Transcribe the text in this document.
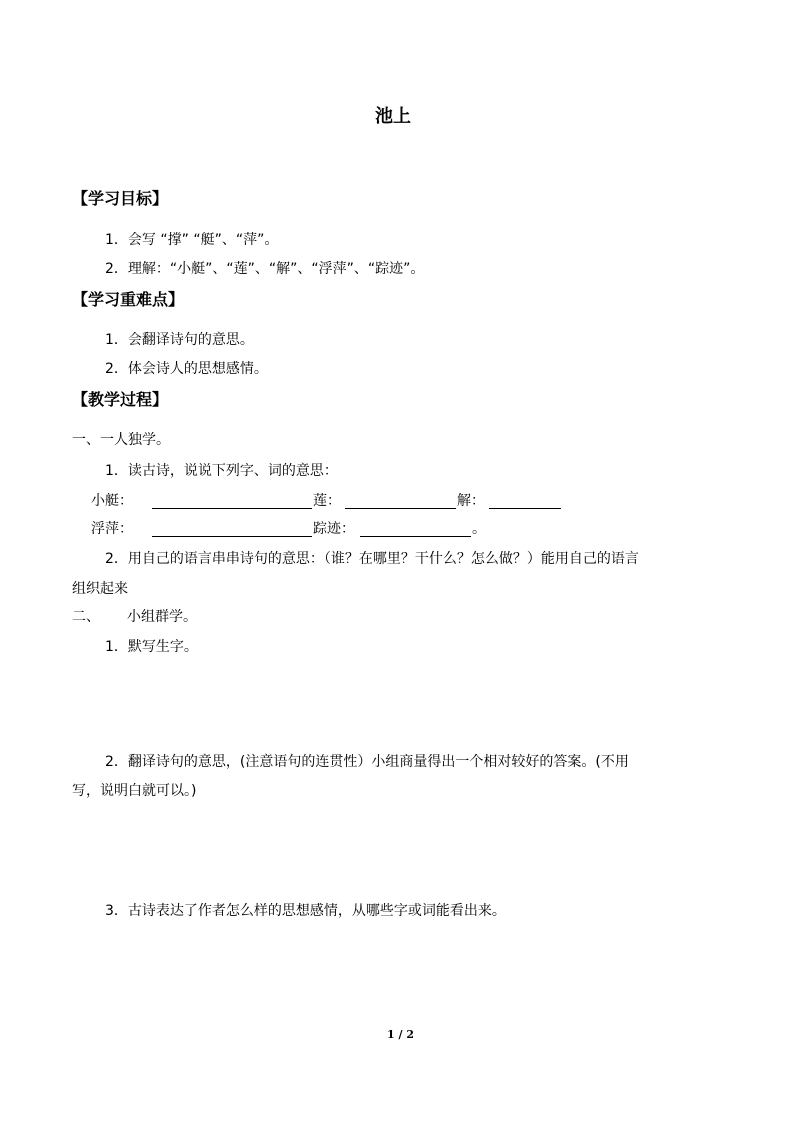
池上
【学习目标】
1．会写 “撑” “艇”、“萍”。
2．理解：“小艇”、“莲”、“解”、“浮萍”、“踪迹”。
【学习重难点】
1．会翻译诗句的意思。
2．体会诗人的思想感情。
【教学过程】
一、一人独学。
1．读古诗，说说下列字、词的意思：
小艇：	莲：	解：
浮萍：	踪迹：	。
2．用自己的语言串串诗句的意思：（谁？在哪里？干什么？怎么做？）能用自己的语言
组织起来
二、 小组群学。
1．默写生字。
2．翻译诗句的意思，(注意语句的连贯性）小组商量得出一个相对较好的答案。(不用
写，说明白就可以。)
3．古诗表达了作者怎么样的思想感情，从哪些字或词能看出来。
1 / 2
